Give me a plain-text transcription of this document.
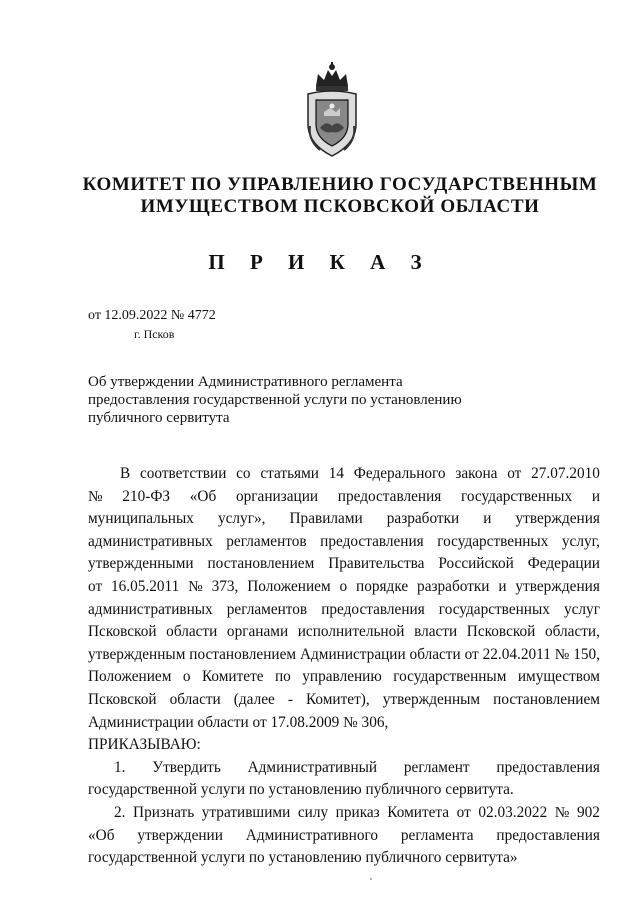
КОМИТЕТ ПО УПРАВЛЕНИЮ ГОСУДАРСТВЕННЫМ
ИМУЩЕСТВОМ ПСКОВСКОЙ ОБЛАСТИ
П Р И К А З
от 12.09.2022 № 4772
г. Псков
Об утверждении Административного регламента
предоставления государственной услуги по установлению
публичного сервитута
В соответствии со статьями 14 Федерального закона от 27.07.2010
№ 210-ФЗ «Об организации предоставления государственных и
муниципальных услуг», Правилами разработки и утверждения
административных регламентов предоставления государственных услуг,
утвержденными постановлением Правительства Российской Федерации
от 16.05.2011 № 373, Положением о порядке разработки и утверждения
административных регламентов предоставления государственных услуг
Псковской области органами исполнительной власти Псковской области,
утвержденным постановлением Администрации области от 22.04.2011 № 150,
Положением о Комитете по управлению государственным имуществом
Псковской области (далее - Комитет), утвержденным постановлением
Администрации области от 17.08.2009 № 306,
ПРИКАЗЫВАЮ:
1. Утвердить Административный регламент предоставления
государственной услуги по установлению публичного сервитута.
2. Признать утратившими силу приказ Комитета от 02.03.2022 № 902
«Об утверждении Административного регламента предоставления
государственной услуги по установлению публичного сервитута»
